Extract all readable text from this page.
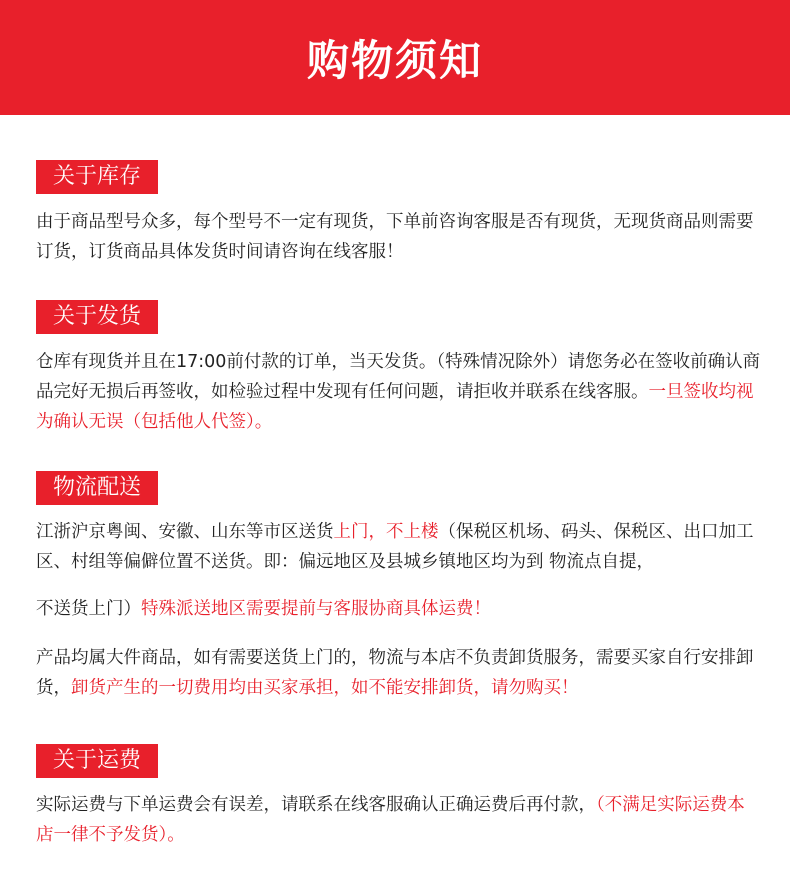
购物须知
关于库存
由于商品型号众多，每个型号不一定有现货，下单前咨询客服是否有现货，无现货商品则需要订货，订货商品具体发货时间请咨询在线客服！
关于发货
仓库有现货并且在17:00前付款的订单，当天发货。（特殊情况除外）请您务必在签收前确认商品完好无损后再签收，如检验过程中发现有任何问题，请拒收并联系在线客服。一旦签收均视为确认无误（包括他人代签）。
物流配送
江浙沪京粤闽、安徽、山东等市区送货上门，不上楼（保税区机场、码头、保税区、出口加工区、村组等偏僻位置不送货。即：偏远地区及县城乡镇地区均为到 物流点自提，
不送货上门）特殊派送地区需要提前与客服协商具体运费！
产品均属大件商品，如有需要送货上门的，物流与本店不负责卸货服务，需要买家自行安排卸货，卸货产生的一切费用均由买家承担，如不能安排卸货，请勿购买！
关于运费
实际运费与下单运费会有误差，请联系在线客服确认正确运费后再付款，（不满足实际运费本店一律不予发货）。
